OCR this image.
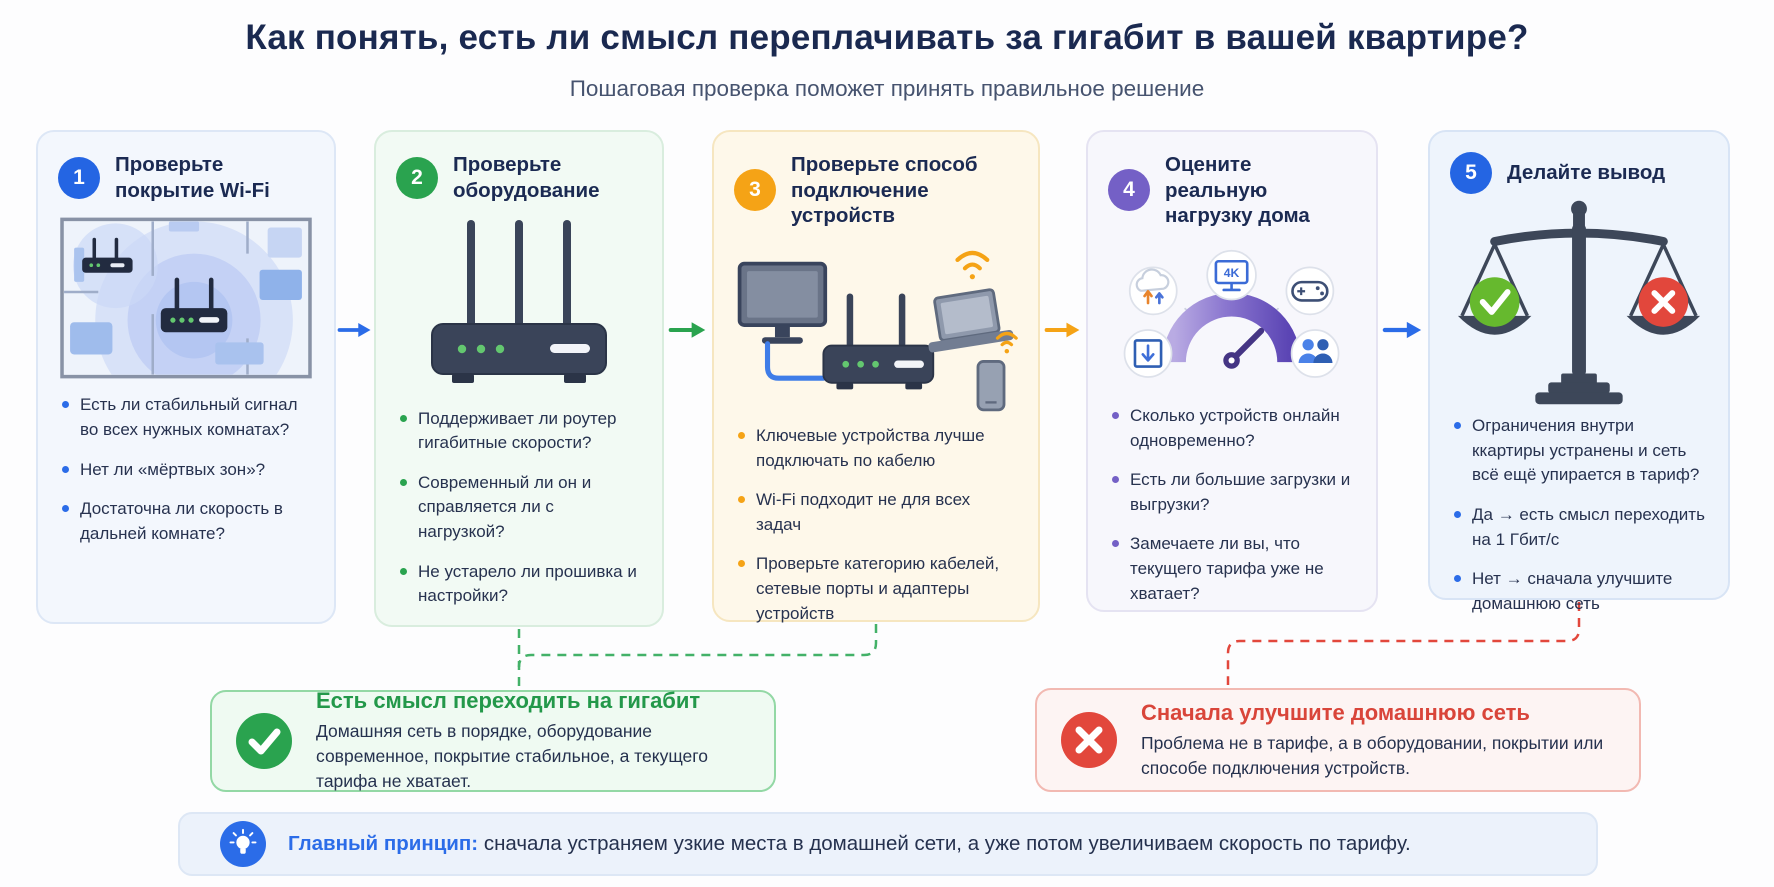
Как понять, есть ли смысл переплачивать за гигабит в вашей квартире?

Пошаговая проверка поможет принять правильное решение

1
Проверьте покрытие Wi-Fi
Есть ли стабильный сигнал во всех нужных комнатах?
Нет ли «мёртвых зон»?
Достаточна ли скорость в дальней комнате?
2
Проверьте оборудование
Поддерживает ли роутер гигабитные скорости?
Современный ли он и справляется ли с нагрузкой?
Не устарело ли прошивка и настройки?
3
Проверьте способ подключение устройств
Ключевые устройства лучше подключать по кабелю
Wi-Fi подходит не для всех задач
Проверьте категорию кабелей, сетевые порты и адаптеры устройств
4
Оцените реальную нагрузку дома
4K
Сколько устройств онлайн одновременно?
Есть ли большие загрузки и выгрузки?
Замечаете ли вы, что текущего тарифа уже не хватает?
5	Делайте вывод
Ограничения внутри ккартиры устранены и сеть всё ещё упирается в тариф?
Да → есть смысл переходить на 1 Гбит/с
Нет → сначала улучшите домашнюю сеть
Есть смысл переходить на гигабит

Домашняя сеть в порядке, оборудование современное, покрытие стабильное, а текущего тарифа не хватает.

Сначала улучшите домашнюю сеть

Проблема не в тарифе, а в оборудовании, покрытии или способе подключения устройств.

Главный принцип: сначала устраняем узкие места в домашней сети, а уже потом увеличиваем скорость по тарифу.
